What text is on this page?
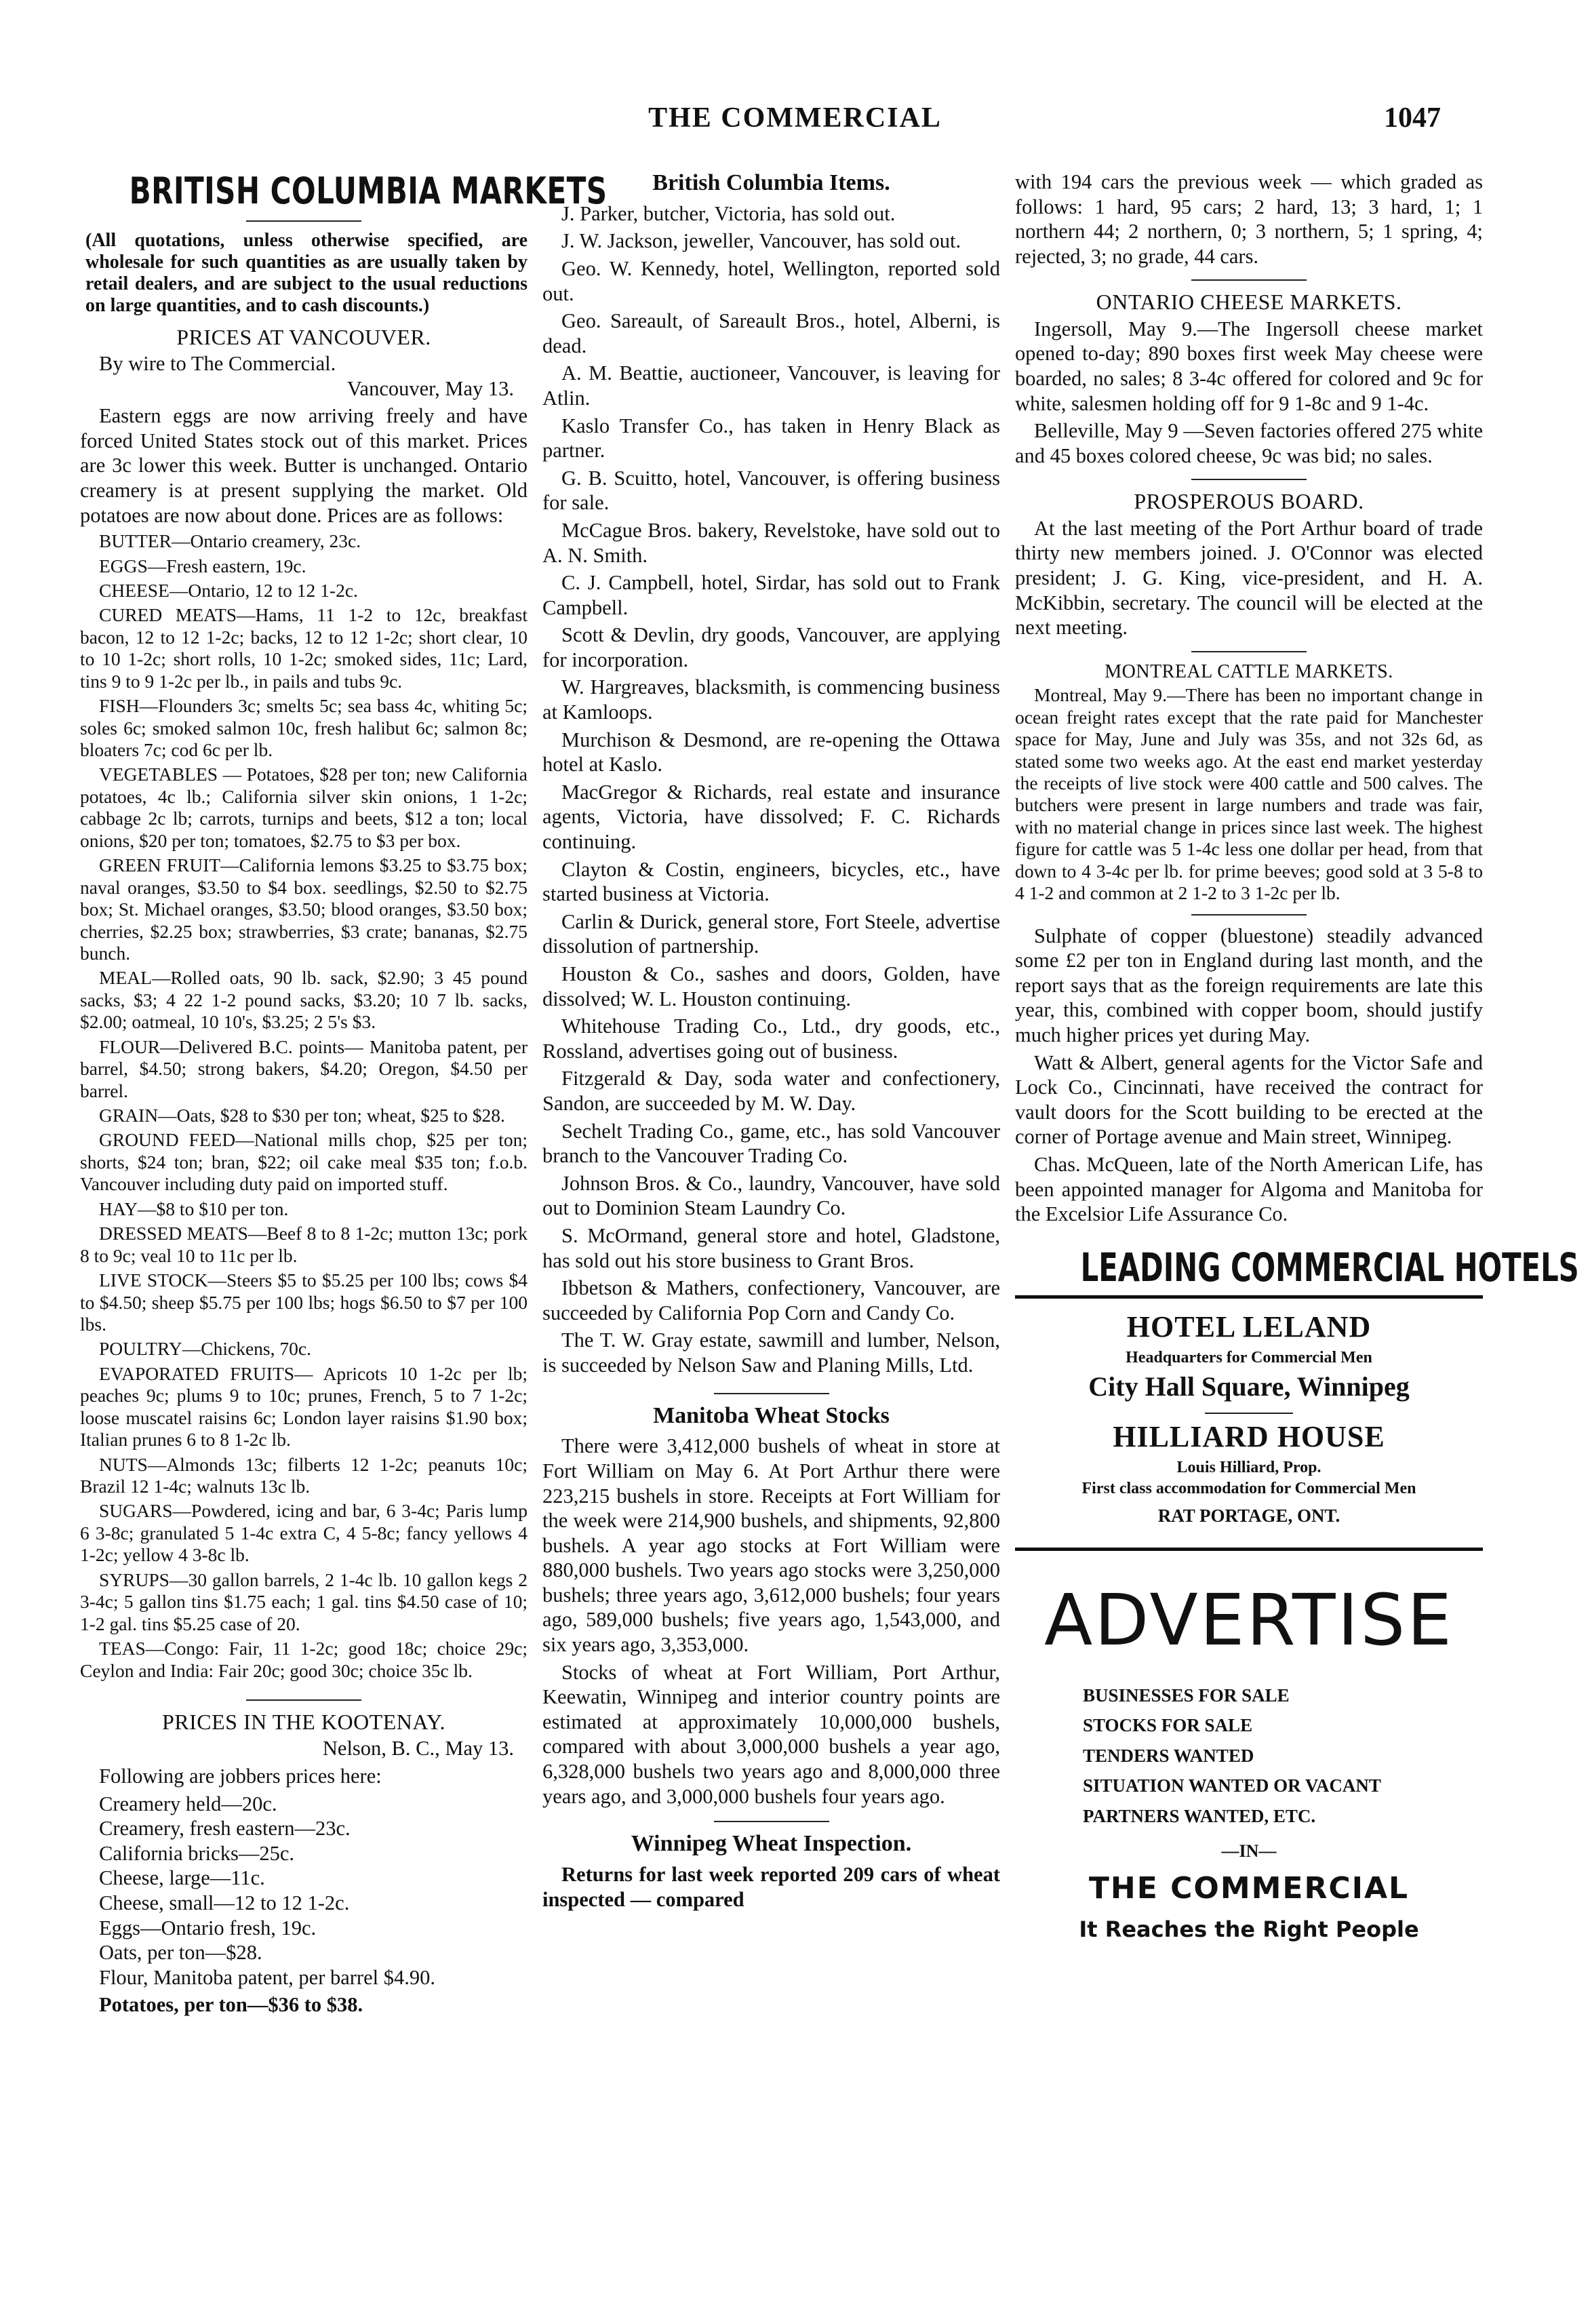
THE COMMERCIAL	1047
BRITISH COLUMBIA MARKETS

(All quotations, unless otherwise specified, are wholesale for such quantities as are usually taken by retail dealers, and are subject to the usual reductions on large quantities, and to cash discounts.)

PRICES AT VANCOUVER.

By wire to The Commercial.

Vancouver, May 13.

Eastern eggs are now arriving freely and have forced United States stock out of this market. Prices are 3c lower this week. Butter is unchanged. Ontario creamery is at present supplying the market. Old potatoes are now about done. Prices are as follows:

BUTTER—Ontario creamery, 23c.

EGGS—Fresh eastern, 19c.

CHEESE—Ontario, 12 to 12 1-2c.

CURED MEATS—Hams, 11 1-2 to 12c, breakfast bacon, 12 to 12 1-2c; backs, 12 to 12 1-2c; short clear, 10 to 10 1-2c; short rolls, 10 1-2c; smoked sides, 11c; Lard, tins 9 to 9 1-2c per lb., in pails and tubs 9c.

FISH—Flounders 3c; smelts 5c; sea bass 4c, whiting 5c; soles 6c; smoked salmon 10c, fresh halibut 6c; salmon 8c; bloaters 7c; cod 6c per lb.

VEGETABLES — Potatoes, $28 per ton; new California potatoes, 4c lb.; California silver skin onions, 1 1-2c; cabbage 2c lb; carrots, turnips and beets, $12 a ton; local onions, $20 per ton; tomatoes, $2.75 to $3 per box.

GREEN FRUIT—California lemons $3.25 to $3.75 box; naval oranges, $3.50 to $4 box. seedlings, $2.50 to $2.75 box; St. Michael oranges, $3.50; blood oranges, $3.50 box; cherries, $2.25 box; strawberries, $3 crate; bananas, $2.75 bunch.

MEAL—Rolled oats, 90 lb. sack, $2.90; 3 45 pound sacks, $3; 4 22 1-2 pound sacks, $3.20; 10 7 lb. sacks, $2.00; oatmeal, 10 10's, $3.25; 2 5's $3.

FLOUR—Delivered B.C. points— Manitoba patent, per barrel, $4.50; strong bakers, $4.20; Oregon, $4.50 per barrel.

GRAIN—Oats, $28 to $30 per ton; wheat, $25 to $28.

GROUND FEED—National mills chop, $25 per ton; shorts, $24 ton; bran, $22; oil cake meal $35 ton; f.o.b. Vancouver including duty paid on imported stuff.

HAY—$8 to $10 per ton.

DRESSED MEATS—Beef 8 to 8 1-2c; mutton 13c; pork 8 to 9c; veal 10 to 11c per lb.

LIVE STOCK—Steers $5 to $5.25 per 100 lbs; cows $4 to $4.50; sheep $5.75 per 100 lbs; hogs $6.50 to $7 per 100 lbs.

POULTRY—Chickens, 70c.

EVAPORATED FRUITS— Apricots 10 1-2c per lb; peaches 9c; plums 9 to 10c; prunes, French, 5 to 7 1-2c; loose muscatel raisins 6c; London layer raisins $1.90 box; Italian prunes 6 to 8 1-2c lb.

NUTS—Almonds 13c; filberts 12 1-2c; peanuts 10c; Brazil 12 1-4c; walnuts 13c lb.

SUGARS—Powdered, icing and bar, 6 3-4c; Paris lump 6 3-8c; granulated 5 1-4c extra C, 4 5-8c; fancy yellows 4 1-2c; yellow 4 3-8c lb.

SYRUPS—30 gallon barrels, 2 1-4c lb. 10 gallon kegs 2 3-4c; 5 gallon tins $1.75 each; 1 gal. tins $4.50 case of 10; 1-2 gal. tins $5.25 case of 20.

TEAS—Congo: Fair, 11 1-2c; good 18c; choice 29c; Ceylon and India: Fair 20c; good 30c; choice 35c lb.

PRICES IN THE KOOTENAY.

Nelson, B. C., May 13.

Following are jobbers prices here:

Creamery held—20c.

Creamery, fresh eastern—23c.

California bricks—25c.

Cheese, large—11c.

Cheese, small—12 to 12 1-2c.

Eggs—Ontario fresh, 19c.

Oats, per ton—$28.

Flour, Manitoba patent, per barrel $4.90.

Potatoes, per ton—$36 to $38.

British Columbia Items.

J. Parker, butcher, Victoria, has sold out.

J. W. Jackson, jeweller, Vancouver, has sold out.

Geo. W. Kennedy, hotel, Wellington, reported sold out.

Geo. Sareault, of Sareault Bros., hotel, Alberni, is dead.

A. M. Beattie, auctioneer, Vancouver, is leaving for Atlin.

Kaslo Transfer Co., has taken in Henry Black as partner.

G. B. Scuitto, hotel, Vancouver, is offering business for sale.

McCague Bros. bakery, Revelstoke, have sold out to A. N. Smith.

C. J. Campbell, hotel, Sirdar, has sold out to Frank Campbell.

Scott & Devlin, dry goods, Vancouver, are applying for incorporation.

W. Hargreaves, blacksmith, is commencing business at Kamloops.

Murchison & Desmond, are re-opening the Ottawa hotel at Kaslo.

MacGregor & Richards, real estate and insurance agents, Victoria, have dissolved; F. C. Richards continuing.

Clayton & Costin, engineers, bicycles, etc., have started business at Victoria.

Carlin & Durick, general store, Fort Steele, advertise dissolution of partnership.

Houston & Co., sashes and doors, Golden, have dissolved; W. L. Houston continuing.

Whitehouse Trading Co., Ltd., dry goods, etc., Rossland, advertises going out of business.

Fitzgerald & Day, soda water and confectionery, Sandon, are succeeded by M. W. Day.

Sechelt Trading Co., game, etc., has sold Vancouver branch to the Vancouver Trading Co.

Johnson Bros. & Co., laundry, Vancouver, have sold out to Dominion Steam Laundry Co.

S. McOrmand, general store and hotel, Gladstone, has sold out his store business to Grant Bros.

Ibbetson & Mathers, confectionery, Vancouver, are succeeded by California Pop Corn and Candy Co.

The T. W. Gray estate, sawmill and lumber, Nelson, is succeeded by Nelson Saw and Planing Mills, Ltd.

Manitoba Wheat Stocks

There were 3,412,000 bushels of wheat in store at Fort William on May 6. At Port Arthur there were 223,215 bushels in store. Receipts at Fort William for the week were 214,900 bushels, and shipments, 92,800 bushels. A year ago stocks at Fort William were 880,000 bushels. Two years ago stocks were 3,250,000 bushels; three years ago, 3,612,000 bushels; four years ago, 589,000 bushels; five years ago, 1,543,000, and six years ago, 3,353,000.

Stocks of wheat at Fort William, Port Arthur, Keewatin, Winnipeg and interior country points are estimated at approximately 10,000,000 bushels, compared with about 3,000,000 bushels a year ago, 6,328,000 bushels two years ago and 8,000,000 three years ago, and 3,000,000 bushels four years ago.

Winnipeg Wheat Inspection.

Returns for last week reported 209 cars of wheat inspected — compared

with 194 cars the previous week — which graded as follows: 1 hard, 95 cars; 2 hard, 13; 3 hard, 1; 1 northern 44; 2 northern, 0; 3 northern, 5; 1 spring, 4; rejected, 3; no grade, 44 cars.

ONTARIO CHEESE MARKETS.

Ingersoll, May 9.—The Ingersoll cheese market opened to-day; 890 boxes first week May cheese were boarded, no sales; 8 3-4c offered for colored and 9c for white, salesmen holding off for 9 1-8c and 9 1-4c.

Belleville, May 9 —Seven factories offered 275 white and 45 boxes colored cheese, 9c was bid; no sales.

PROSPEROUS BOARD.

At the last meeting of the Port Arthur board of trade thirty new members joined. J. O'Connor was elected president; J. G. King, vice-president, and H. A. McKibbin, secretary. The council will be elected at the next meeting.

MONTREAL CATTLE MARKETS.

Montreal, May 9.—There has been no important change in ocean freight rates except that the rate paid for Manchester space for May, June and July was 35s, and not 32s 6d, as stated some two weeks ago. At the east end market yesterday the receipts of live stock were 400 cattle and 500 calves. The butchers were present in large numbers and trade was fair, with no material change in prices since last week. The highest figure for cattle was 5 1-4c less one dollar per head, from that down to 4 3-4c per lb. for prime beeves; good sold at 3 5-8 to 4 1-2 and common at 2 1-2 to 3 1-2c per lb.

Sulphate of copper (bluestone) steadily advanced some £2 per ton in England during last month, and the report says that as the foreign requirements are late this year, this, combined with copper boom, should justify much higher prices yet during May.

Watt & Albert, general agents for the Victor Safe and Lock Co., Cincinnati, have received the contract for vault doors for the Scott building to be erected at the corner of Portage avenue and Main street, Winnipeg.

Chas. McQueen, late of the North American Life, has been appointed manager for Algoma and Manitoba for the Excelsior Life Assurance Co.

LEADING COMMERCIAL HOTELS
HOTEL LELAND
Headquarters for Commercial Men
City Hall Square, Winnipeg
HILLIARD HOUSE
Louis Hilliard, Prop.
First class accommodation for Commercial Men
RAT PORTAGE, ONT.
ADVERTISE
BUSINESSES FOR SALE
STOCKS FOR SALE
TENDERS WANTED
SITUATION WANTED OR VACANT
PARTNERS WANTED, ETC.
—IN—
THE COMMERCIAL
It Reaches the Right People
